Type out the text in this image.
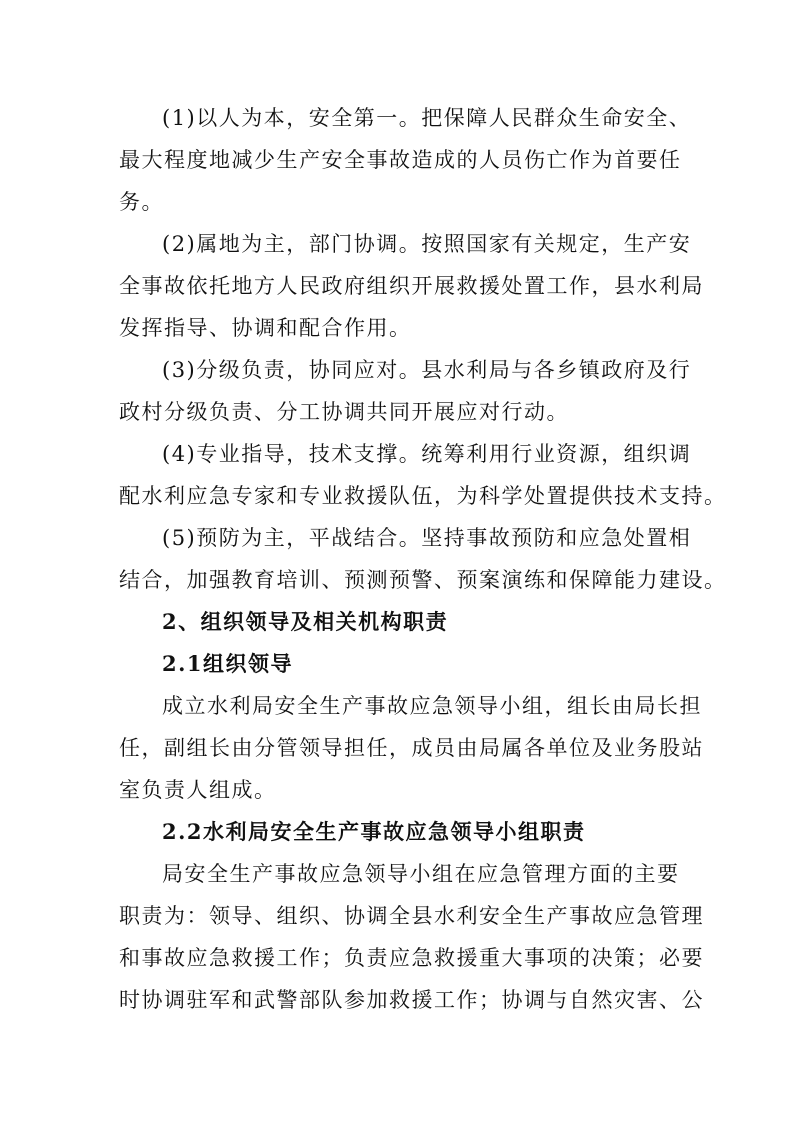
(1)以人为本，安全第一。把保障人民群众生命安全、
最大程度地减少生产安全事故造成的人员伤亡作为首要任
务。
(2)属地为主，部门协调。按照国家有关规定，生产安
全事故依托地方人民政府组织开展救援处置工作，县水利局
发挥指导、协调和配合作用。
(3)分级负责，协同应对。县水利局与各乡镇政府及行
政村分级负责、分工协调共同开展应对行动。
(4)专业指导，技术支撑。统筹利用行业资源，组织调
配水利应急专家和专业救援队伍，为科学处置提供技术支持。
(5)预防为主，平战结合。坚持事故预防和应急处置相
结合，加强教育培训、预测预警、预案演练和保障能力建设。
2、组织领导及相关机构职责
2.1组织领导
成立水利局安全生产事故应急领导小组，组长由局长担
任，副组长由分管领导担任，成员由局属各单位及业务股站
室负责人组成。
2.2水利局安全生产事故应急领导小组职责
局安全生产事故应急领导小组在应急管理方面的主要
职责为：领导、组织、协调全县水利安全生产事故应急管理
和事故应急救援工作；负责应急救援重大事项的决策；必要
时协调驻军和武警部队参加救援工作；协调与自然灾害、公
